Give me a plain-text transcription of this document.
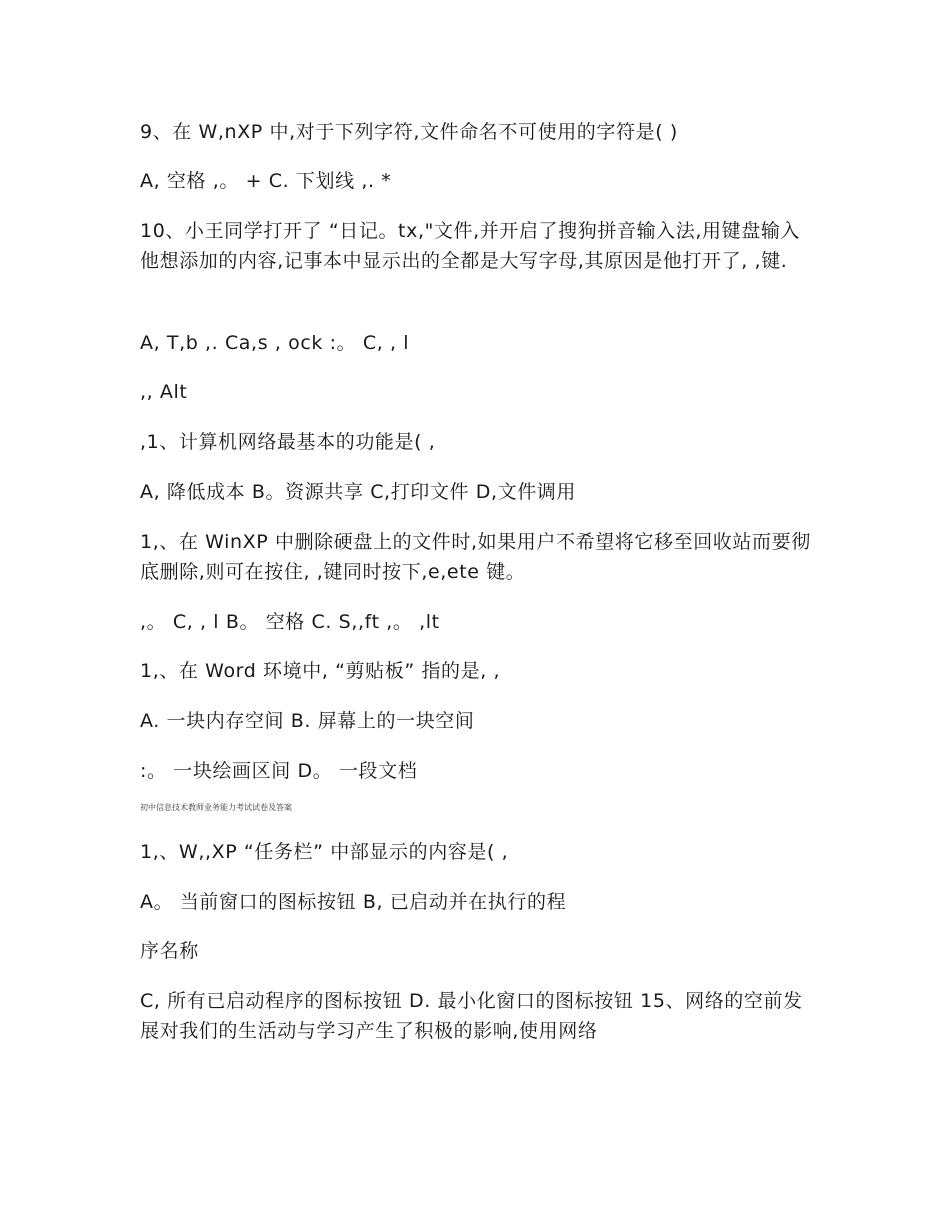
9、在 W,nXP 中,对于下列字符,文件命名不可使用的字符是( )
A, 空格 ,。 + C. 下划线 ,. *
10、小王同学打开了 “日记。tx,"文件,并开启了搜狗拼音输入法,用键盘输入他想添加的内容,记事本中显示出的全都是大写字母,其原因是他打开了, ,键.
A, T,b ,. Ca,s , ock :。 C, , l
,, Alt
,1、计算机网络最基本的功能是( ,
A, 降低成本 B。资源共享 C,打印文件 D,文件调用
1,、在 WinXP 中删除硬盘上的文件时,如果用户不希望将它移至回收站而要彻底删除,则可在按住, ,键同时按下,e,ete 键。
,。 C, , l B。 空格 C. S,,ft ,。 ,lt
1,、在 Word 环境中, “剪贴板” 指的是, ,
A. 一块内存空间 B. 屏幕上的一块空间
:。 一块绘画区间 D。 一段文档
初中信息技术教师业务能力考试试卷及答案
1,、W,,XP “任务栏” 中部显示的内容是( ,
A。 当前窗口的图标按钮 B, 已启动并在执行的程
序名称
C, 所有已启动程序的图标按钮 D. 最小化窗口的图标按钮 15、网络的空前发展对我们的生活动与学习产生了积极的影响,使用网络
